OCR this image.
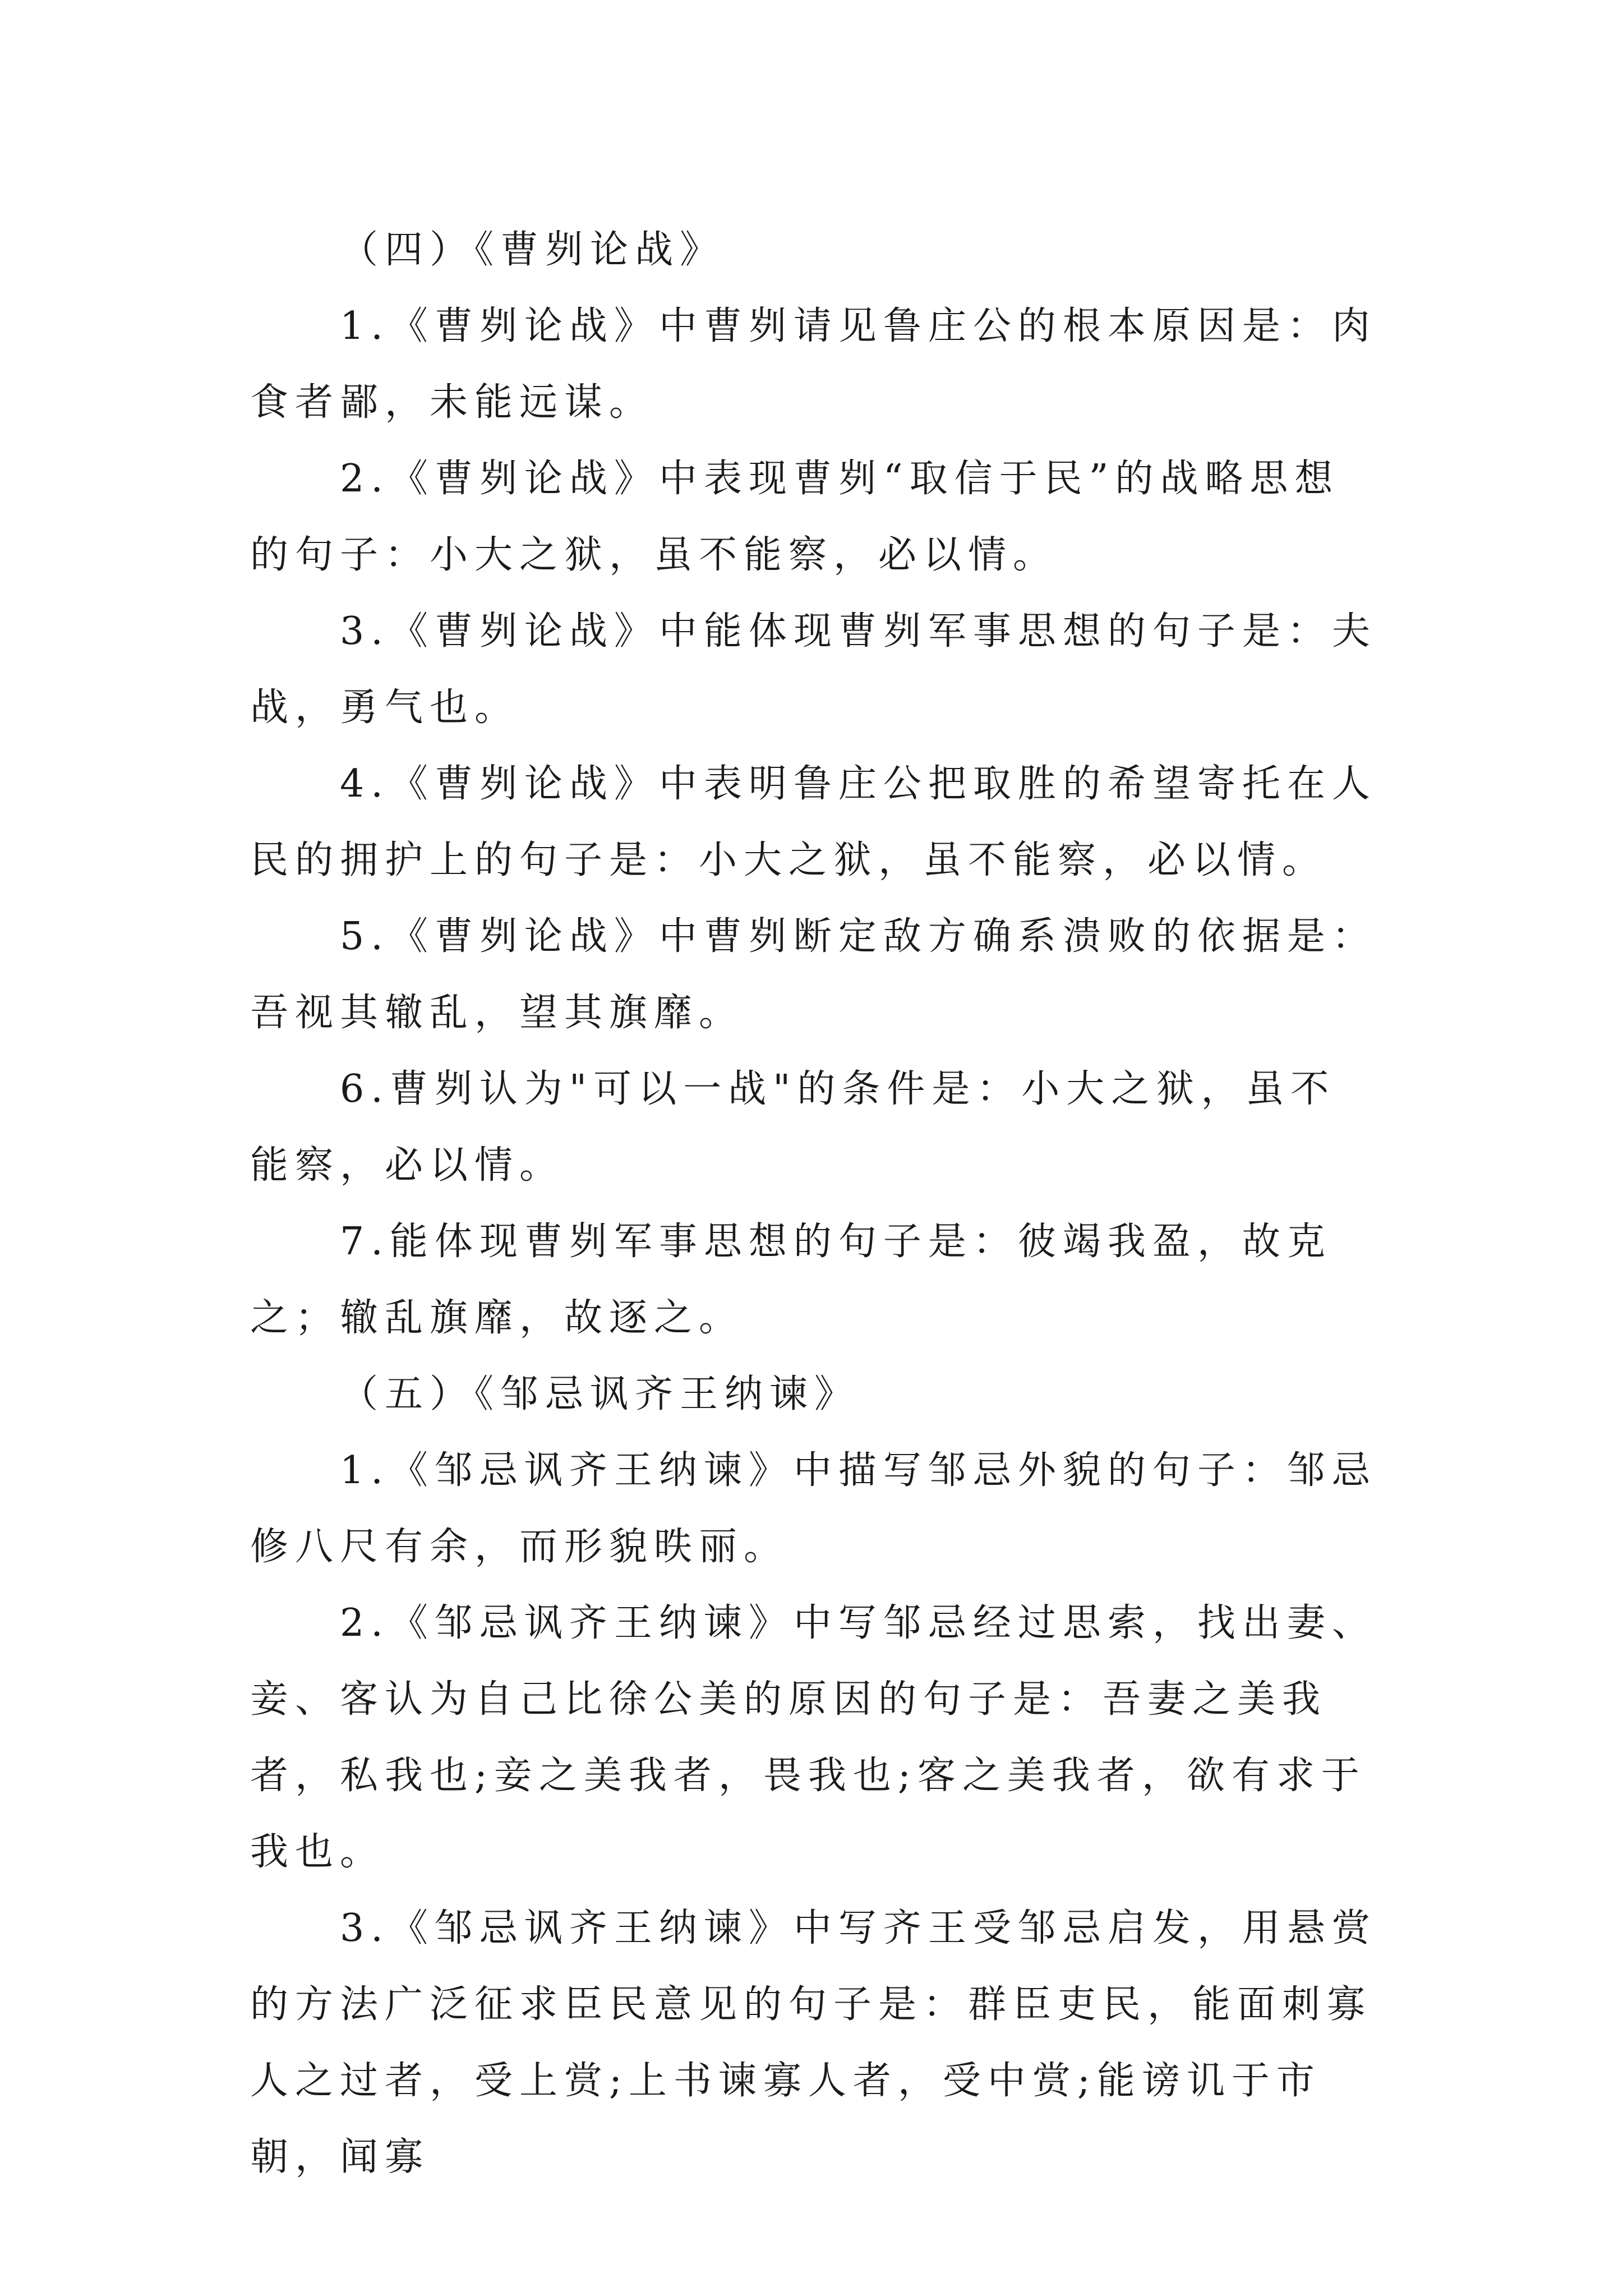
（四）《曹刿论战》

1.《曹刿论战》中曹刿请见鲁庄公的根本原因是：肉食者鄙，未能远谋。

2.《曹刿论战》中表现曹刿“取信于民”的战略思想的句子：小大之狱，虽不能察，必以情。

3.《曹刿论战》中能体现曹刿军事思想的句子是：夫战，勇气也。

4.《曹刿论战》中表明鲁庄公把取胜的希望寄托在人民的拥护上的句子是：小大之狱，虽不能察，必以情。

5.《曹刿论战》中曹刿断定敌方确系溃败的依据是：吾视其辙乱，望其旗靡。

6.曹刿认为"可以一战"的条件是：小大之狱，虽不能察，必以情。

7.能体现曹刿军事思想的句子是：彼竭我盈，故克之；辙乱旗靡，故逐之。

（五）《邹忌讽齐王纳谏》

1.《邹忌讽齐王纳谏》中描写邹忌外貌的句子：邹忌修八尺有余，而形貌昳丽。

2.《邹忌讽齐王纳谏》中写邹忌经过思索，找出妻、妾、客认为自己比徐公美的原因的句子是：吾妻之美我者，私我也;妾之美我者，畏我也;客之美我者，欲有求于我也。

3.《邹忌讽齐王纳谏》中写齐王受邹忌启发，用悬赏的方法广泛征求臣民意见的句子是：群臣吏民，能面刺寡人之过者，受上赏;上书谏寡人者，受中赏;能谤讥于市朝，闻寡
